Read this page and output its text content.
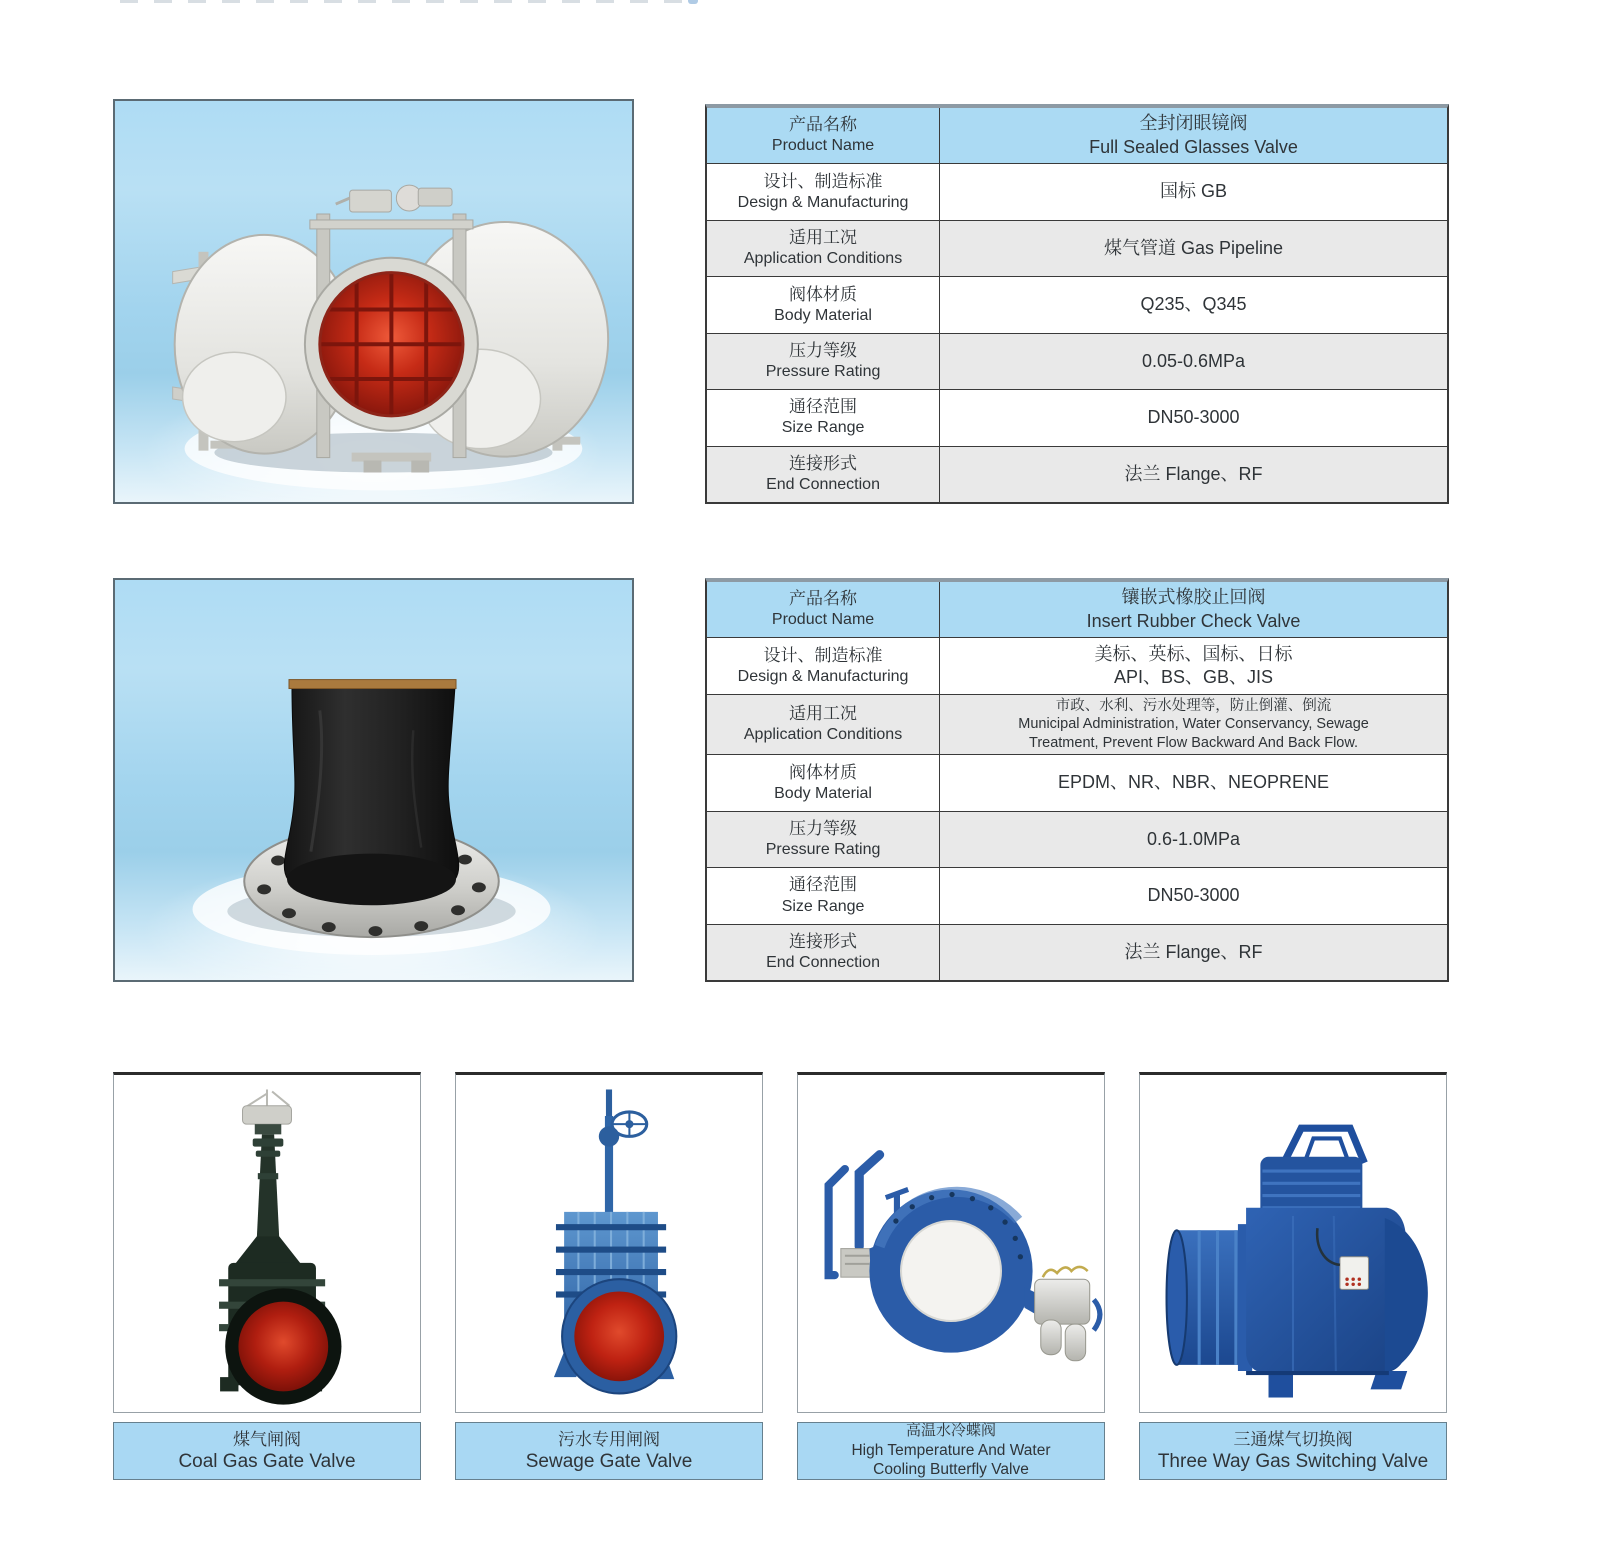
产品名称
Product Name
全封闭眼镜阀
Full Sealed Glasses Valve
设计、制造标准
Design & Manufacturing
国标 GB
适用工况
Application Conditions
煤气管道 Gas Pipeline
阀体材质
Body Material
Q235、Q345
压力等级
Pressure Rating
0.05-0.6MPa
通径范围
Size Range
DN50-3000
连接形式
End Connection
法兰 Flange、RF
产品名称
Product Name
镶嵌式橡胶止回阀
Insert Rubber Check Valve
设计、制造标准
Design & Manufacturing
美标、英标、国标、日标
API、BS、GB、JIS
适用工况
Application Conditions
市政、水利、污水处理等，防止倒灌、倒流
Municipal Administration, Water Conservancy, Sewage
Treatment, Prevent Flow Backward And Back Flow.
阀体材质
Body Material
EPDM、NR、NBR、NEOPRENE
压力等级
Pressure Rating
0.6-1.0MPa
通径范围
Size Range
DN50-3000
连接形式
End Connection
法兰 Flange、RF
煤气闸阀
Coal Gas Gate Valve
污水专用闸阀
Sewage Gate Valve
高温水冷蝶阀
High Temperature And Water
Cooling Butterfly Valve
三通煤气切换阀
Three Way Gas Switching Valve
